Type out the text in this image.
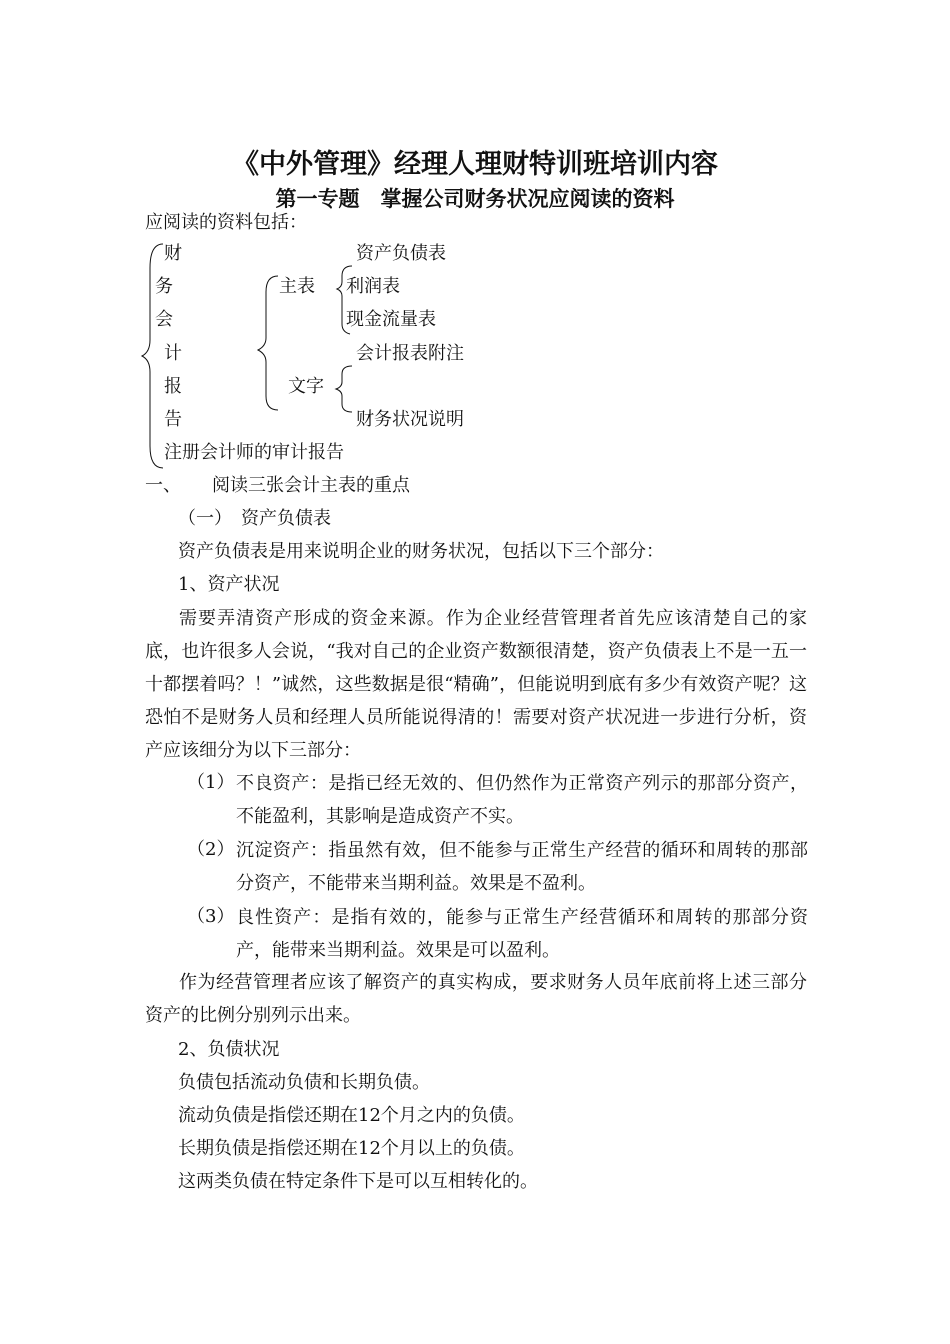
《中外管理》经理人理财特训班培训内容
第一专题　掌握公司财务状况应阅读的资料
应阅读的资料包括：
财
务
会
计
报
告
主表
文字
资产负债表
利润表
现金流量表
会计报表附注
财务状况说明
注册会计师的审计报告
一、 阅读三张会计主表的重点
（一）　资产负债表
资产负债表是用来说明企业的财务状况，包括以下三个部分：
1、资产状况
需要弄清资产形成的资金来源。作为企业经营管理者首先应该清楚自己的家底，也许很多人会说，“我对自己的企业资产数额很清楚，资产负债表上不是一五一十都摆着吗？！”诚然，这些数据是很“精确”，但能说明到底有多少有效资产呢？这恐怕不是财务人员和经理人员所能说得清的！需要对资产状况进一步进行分析，资产应该细分为以下三部分：
（1） 不良资产：是指已经无效的、但仍然作为正常资产列示的那部分资产，不能盈利，其影响是造成资产不实。
（2） 沉淀资产：指虽然有效，但不能参与正常生产经营的循环和周转的那部分资产，不能带来当期利益。效果是不盈利。
（3） 良性资产：是指有效的，能参与正常生产经营循环和周转的那部分资产，能带来当期利益。效果是可以盈利。
作为经营管理者应该了解资产的真实构成，要求财务人员年底前将上述三部分资产的比例分别列示出来。
2、负债状况
负债包括流动负债和长期负债。
流动负债是指偿还期在12个月之内的负债。
长期负债是指偿还期在12个月以上的负债。
这两类负债在特定条件下是可以互相转化的。
